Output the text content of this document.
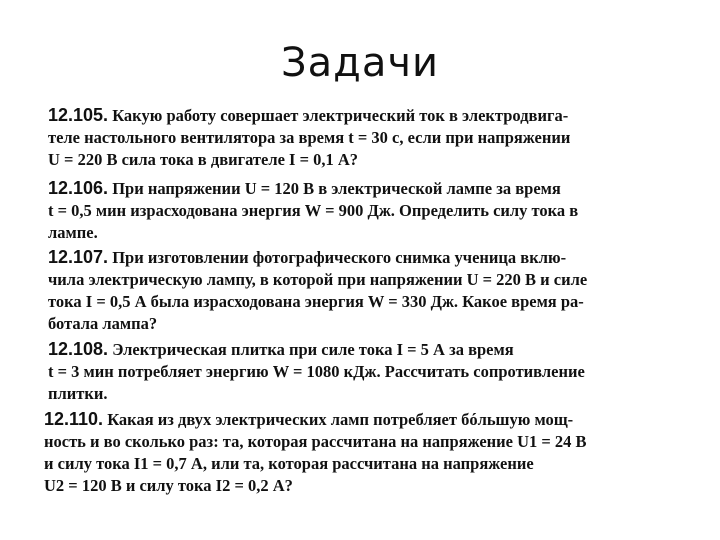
Задачи
12.105. Какую работу совершает электрический ток в электродвига-
теле настольного вентилятора за время t = 30 с, если при напряжении
U = 220 В сила тока в двигателе I = 0,1 А?
12.106. При напряжении U = 120 В в электрической лампе за время
t = 0,5 мин израсходована энергия W = 900 Дж. Определить силу тока в
лампе.
12.107. При изготовлении фотографического снимка ученица вклю-
чила электрическую лампу, в которой при напряжении U = 220 В и силе
тока I = 0,5 А была израсходована энергия W = 330 Дж. Какое время ра-
ботала лампа?
12.108. Электрическая плитка при силе тока I = 5 А за время
t = 3 мин потребляет энергию W = 1080 кДж. Рассчитать сопротивление
плитки.
12.110. Какая из двух электрических ламп потребляет бóльшую мощ-
ность и во сколько раз: та, которая рассчитана на напряжение U1 = 24 В
и силу тока I1 = 0,7 А, или та, которая рассчитана на напряжение
U2 = 120 В и силу тока I2 = 0,2 А?
